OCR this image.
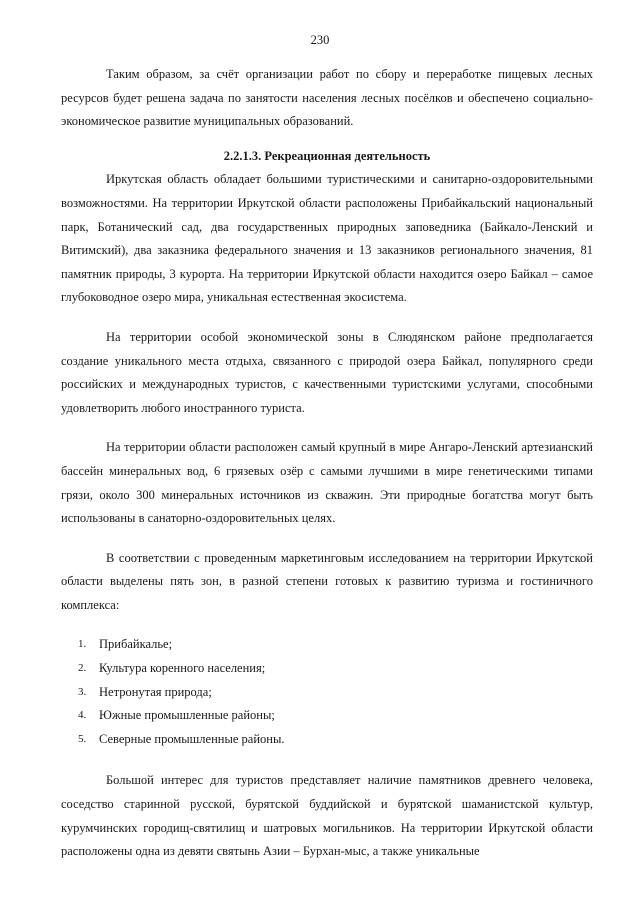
230

Таким образом, за счёт организации работ по сбору и переработке пищевых лесных ресурсов будет решена задача по занятости населения лесных посёлков и обеспечено социально-экономическое развитие муниципальных образований.

2.2.1.3. Рекреационная деятельность

Иркутская область обладает большими туристическими и санитарно-оздоровительными возможностями. На территории Иркутской области расположены Прибайкальский национальный парк, Ботанический сад, два государственных природных заповедника (Байкало-Ленский и Витимский), два заказника федерального значения и 13 заказников регионального значения, 81 памятник природы, 3 курорта. На территории Иркутской области находится озеро Байкал – самое глубоководное озеро мира, уникальная естественная экосистема.

На территории особой экономической зоны в Слюдянском районе предполагается создание уникального места отдыха, связанного с природой озера Байкал, популярного среди российских и международных туристов, с качественными туристскими услугами, способными удовлетворить любого иностранного туриста.

На территории области расположен самый крупный в мире Ангаро-Ленский артезианский бассейн минеральных вод, 6 грязевых озёр с самыми лучшими в мире генетическими типами грязи, около 300 минеральных источников из скважин. Эти природные богатства могут быть использованы в санаторно-оздоровительных целях.

В соответствии с проведенным маркетинговым исследованием на территории Иркутской области выделены пять зон, в разной степени готовых к развитию туризма и гостиничного комплекса:

1.	Прибайкалье;
2.	Культура коренного населения;
3.	Нетронутая природа;
4.	Южные промышленные районы;
5.	Северные промышленные районы.

Большой интерес для туристов представляет наличие памятников древнего человека, соседство старинной русской, бурятской буддийской и бурятской шаманистской культур, курумчинских городищ-святилищ и шатровых могильников. На территории Иркутской области расположены одна из девяти святынь Азии – Бурхан-мыс, а также уникальные
